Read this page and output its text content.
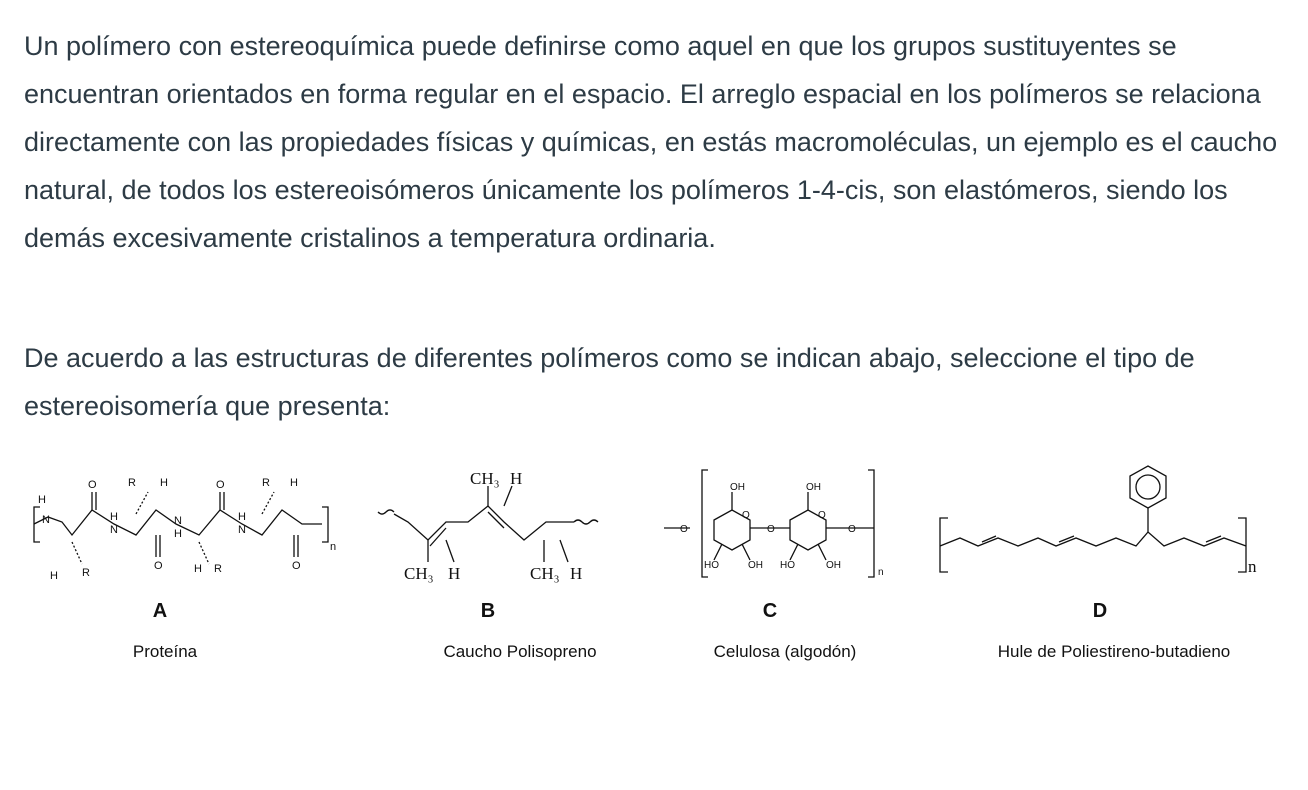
Un polímero con estereoquímica puede definirse como aquel en que los grupos sustituyentes se encuentran orientados en forma regular en el espacio. El arreglo espacial en los polímeros se relaciona directamente con las propiedades físicas y químicas, en estás macromoléculas, un ejemplo es el caucho natural, de todos los estereoisómeros únicamente los polímeros 1-4-cis, son elastómeros, siendo los demás excesivamente cristalinos a temperatura ordinaria.

De acuerdo a las estructuras de diferentes polímeros como se indican abajo, seleccione el tipo de estereoisomería que presenta:

H
N
O	R H
H
N
O
N
H
O	R H
H
N
O
H R	H R
n
CH₃ H
CH₃ H	CH₃ H
O
OH
O
O
OH
O
O
HO	OH HO	OH
n	n
A	B	C	D
Proteína	Caucho Polisopreno	Celulosa (algodón)	Hule de Poliestireno-butadieno
